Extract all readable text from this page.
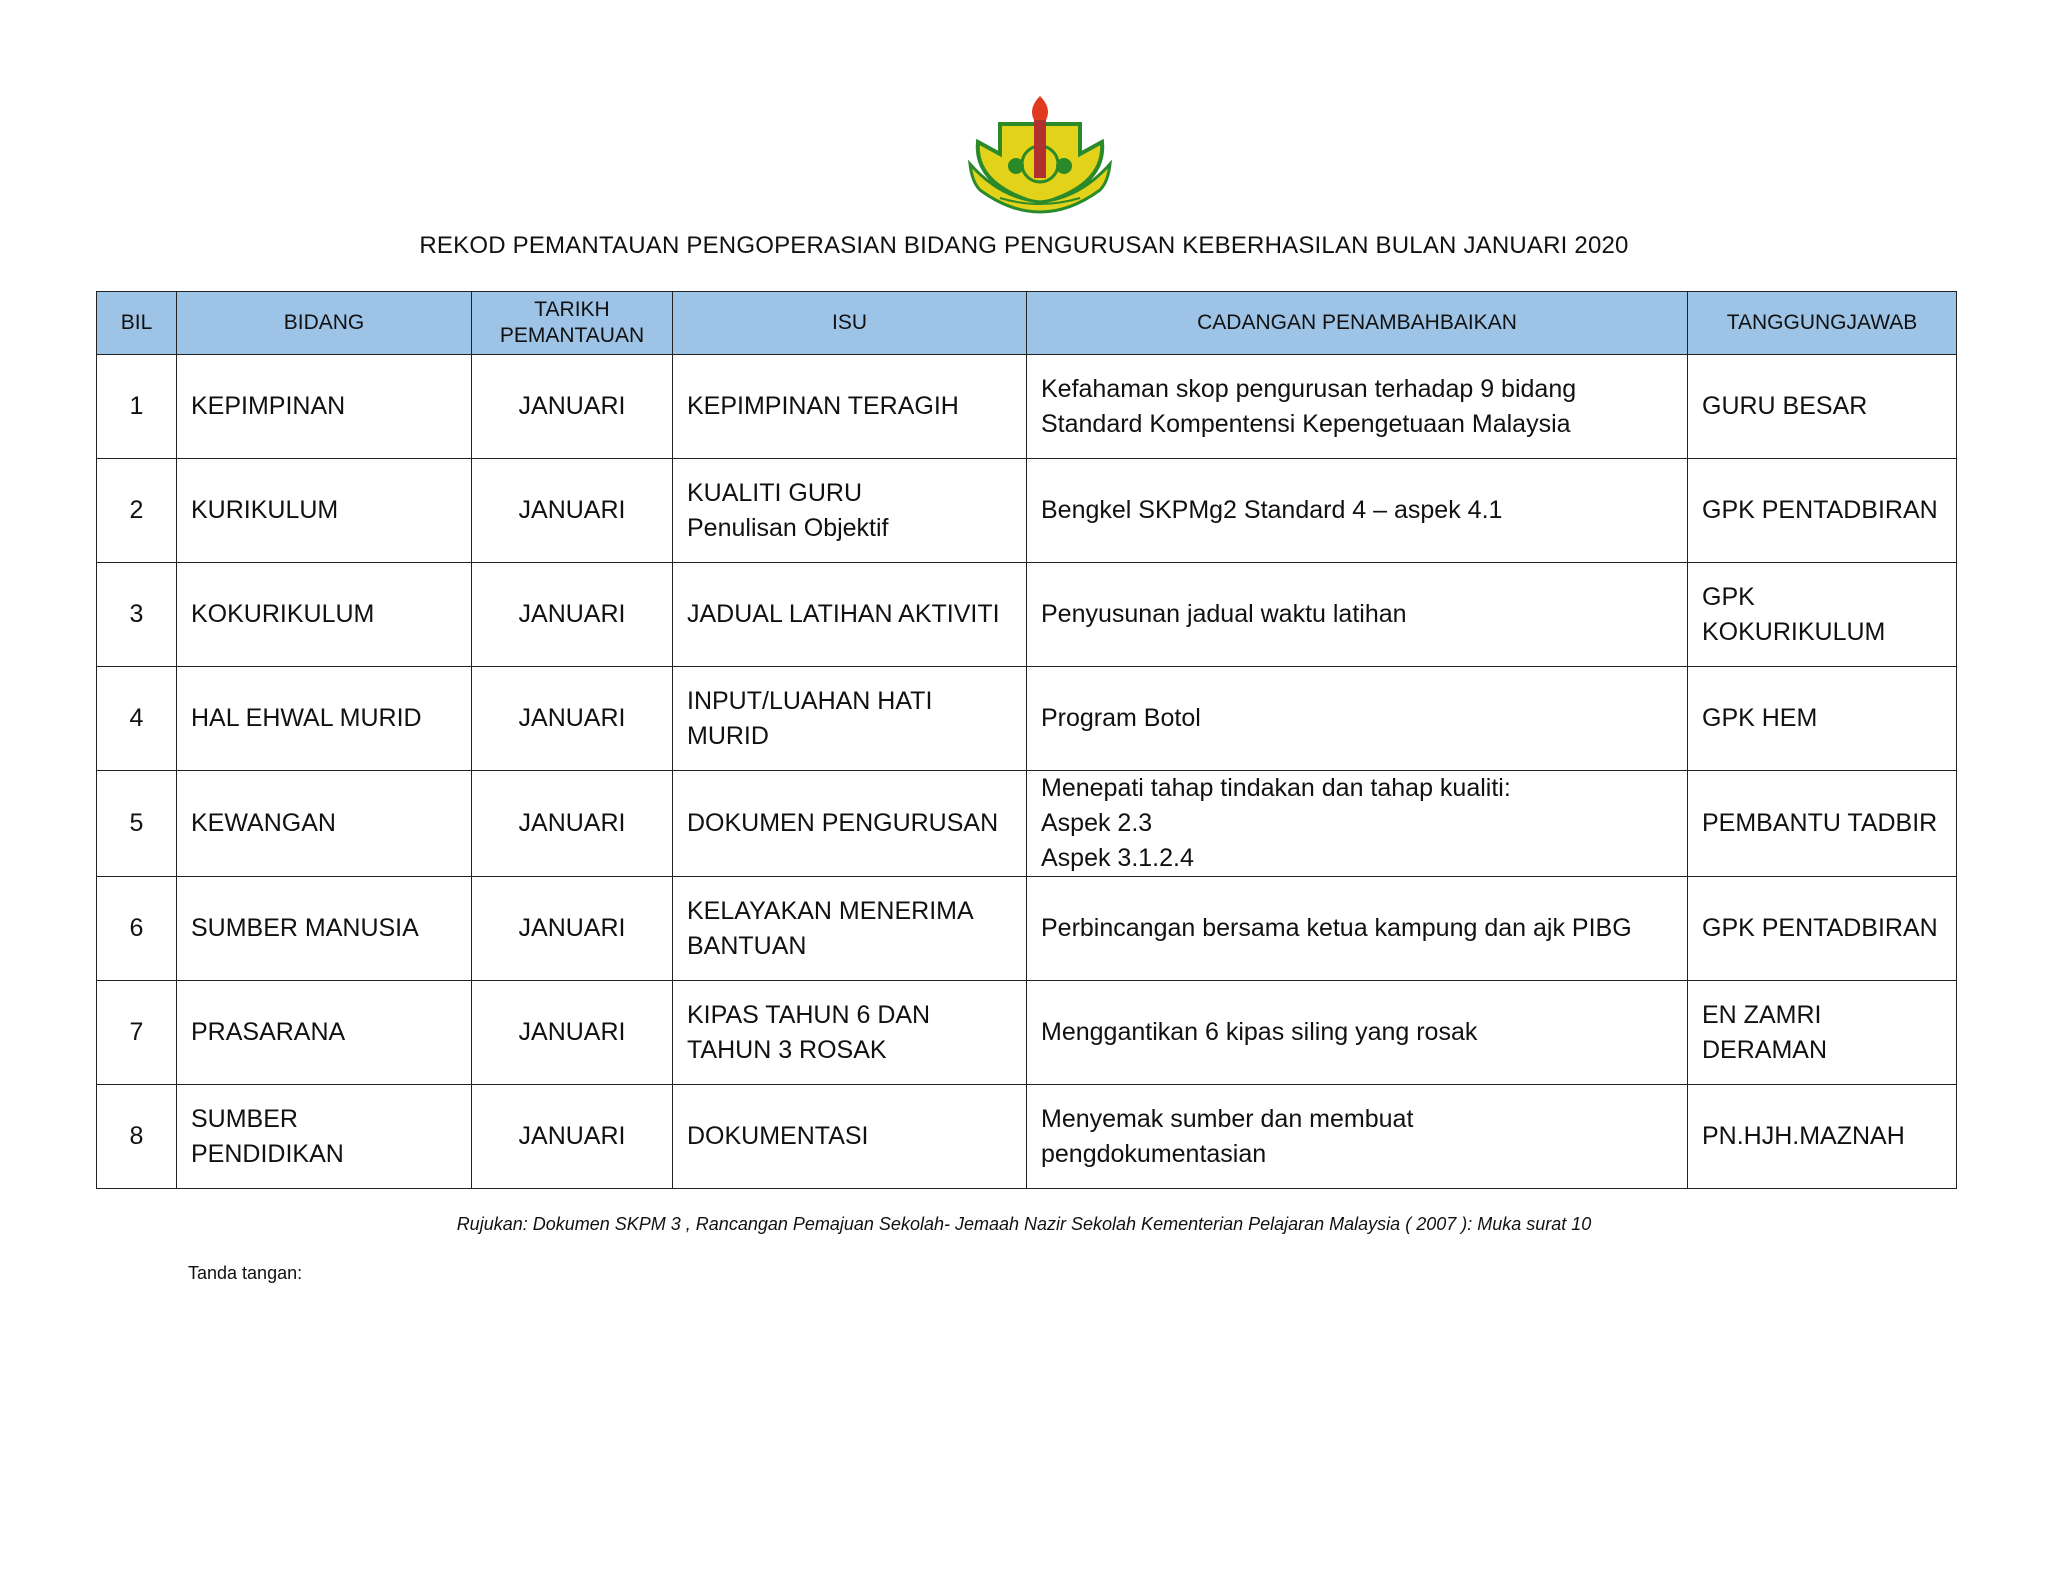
REKOD PEMANTAUAN PENGOPERASIAN BIDANG PENGURUSAN KEBERHASILAN BULAN JANUARI 2020
BIL	BIDANG	TARIKH
PEMANTAUAN	ISU	CADANGAN PENAMBAHBAIKAN	TANGGUNGJAWAB
1	KEPIMPINAN	JANUARI	KEPIMPINAN TERAGIH	Kefahaman skop pengurusan terhadap 9 bidang
Standard Kompentensi Kepengetuaan Malaysia	GURU BESAR

2	KURIKULUM	JANUARI	KUALITI GURU
Penulisan Objektif	Bengkel SKPMg2 Standard 4 – aspek 4.1	GPK PENTADBIRAN

3	KOKURIKULUM	JANUARI	JADUAL LATIHAN AKTIVITI	Penyusunan jadual waktu latihan	GPK KOKURIKULUM

4	HAL EHWAL MURID	JANUARI	INPUT/LUAHAN HATI
MURID	Program Botol	GPK HEM

5	KEWANGAN	JANUARI	DOKUMEN PENGURUSAN	Menepati tahap tindakan dan tahap kualiti:
Aspek 2.3
Aspek 3.1.2.4	PEMBANTU TADBIR

6	SUMBER MANUSIA	JANUARI	KELAYAKAN MENERIMA
BANTUAN	Perbincangan bersama ketua kampung dan ajk PIBG	GPK PENTADBIRAN

7	PRASARANA	JANUARI	KIPAS TAHUN 6 DAN
TAHUN 3 ROSAK	Menggantikan 6 kipas siling yang rosak	EN ZAMRI
DERAMAN

8	SUMBER PENDIDIKAN	JANUARI	DOKUMENTASI	Menyemak sumber dan membuat
pengdokumentasian	PN.HJH.MAZNAH
Rujukan: Dokumen SKPM 3 , Rancangan Pemajuan Sekolah- Jemaah Nazir Sekolah Kementerian Pelajaran Malaysia ( 2007 ): Muka surat 10
Tanda tangan:
